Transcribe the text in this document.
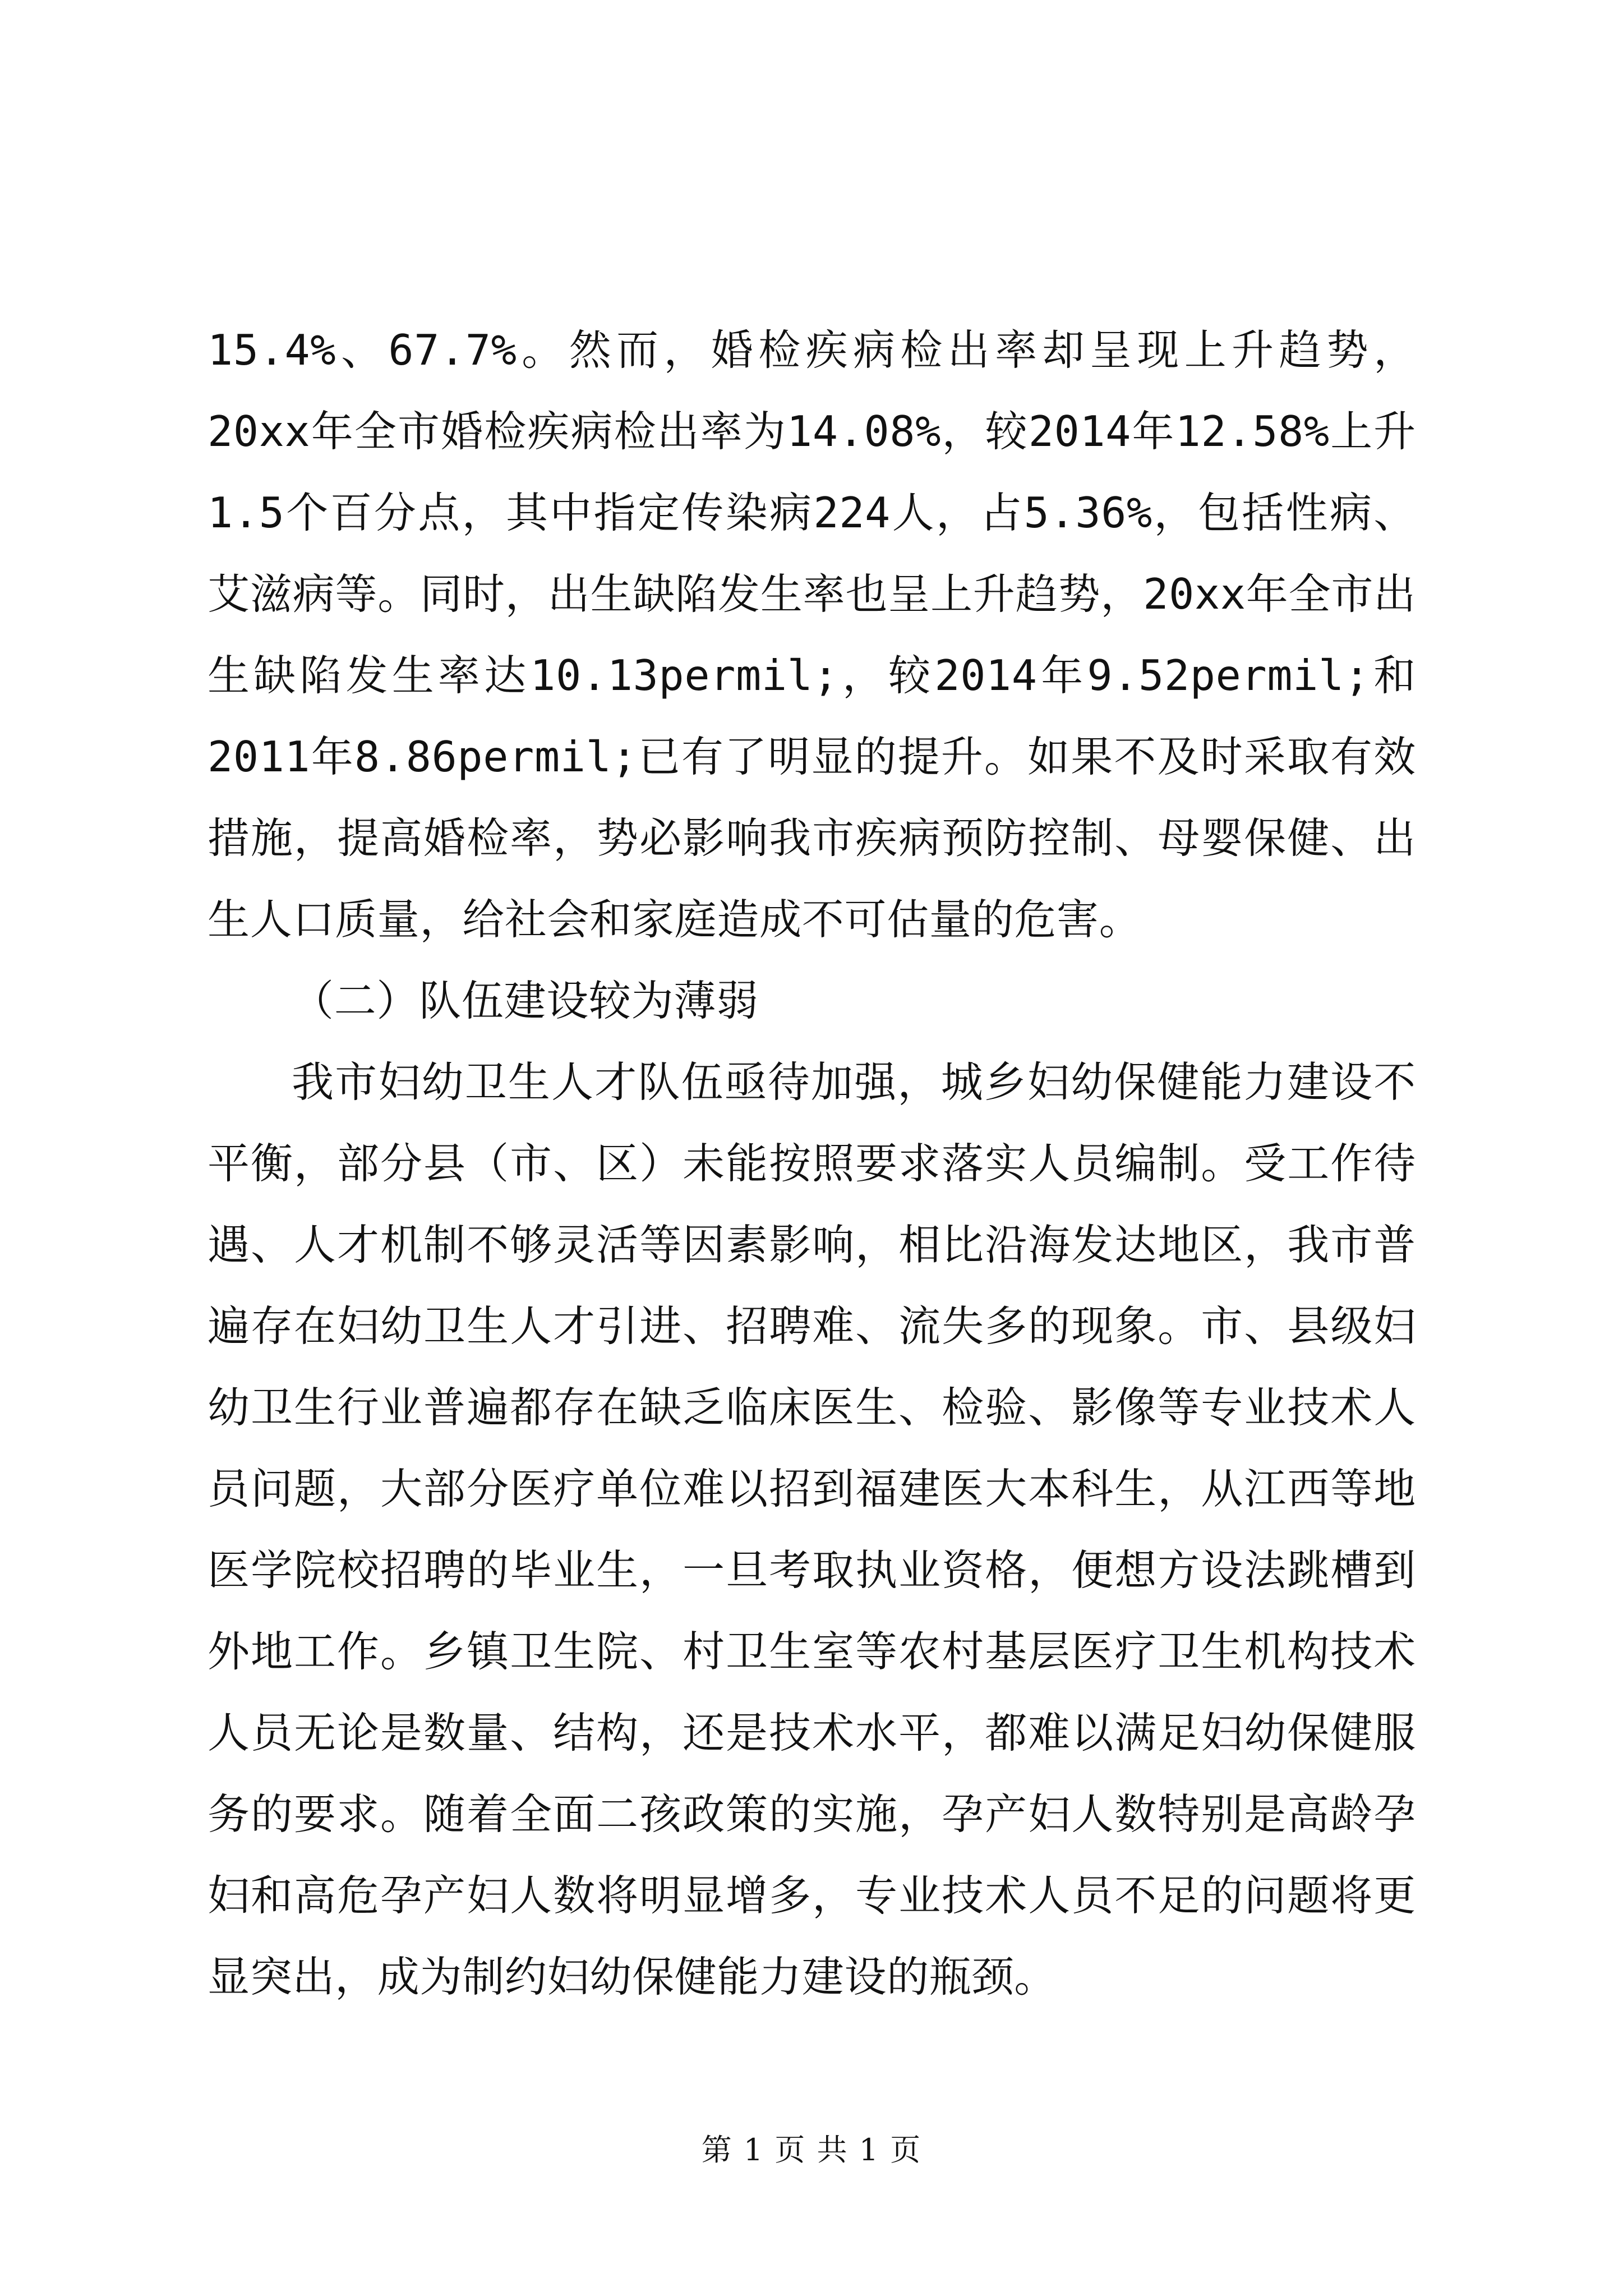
15.4%、67.7%。然而，婚检疾病检出率却呈现上升趋势，20xx年全市婚检疾病检出率为14.08%，较2014年12.58%上升1.5个百分点，其中指定传染病224人，占5.36%，包括性病、艾滋病等。同时，出生缺陷发生率也呈上升趋势，20xx年全市出生缺陷发生率达10.13permil;，较2014年9.52permil;和2011年8.86permil;已有了明显的提升。如果不及时采取有效措施，提高婚检率，势必影响我市疾病预防控制、母婴保健、出生人口质量，给社会和家庭造成不可估量的危害。

（二）队伍建设较为薄弱

我市妇幼卫生人才队伍亟待加强，城乡妇幼保健能力建设不平衡，部分县（市、区）未能按照要求落实人员编制。受工作待遇、人才机制不够灵活等因素影响，相比沿海发达地区，我市普遍存在妇幼卫生人才引进、招聘难、流失多的现象。市、县级妇幼卫生行业普遍都存在缺乏临床医生、检验、影像等专业技术人员问题，大部分医疗单位难以招到福建医大本科生，从江西等地医学院校招聘的毕业生，一旦考取执业资格，便想方设法跳槽到外地工作。乡镇卫生院、村卫生室等农村基层医疗卫生机构技术人员无论是数量、结构，还是技术水平，都难以满足妇幼保健服务的要求。随着全面二孩政策的实施，孕产妇人数特别是高龄孕妇和高危孕产妇人数将明显增多，专业技术人员不足的问题将更显突出，成为制约妇幼保健能力建设的瓶颈。

第 1 页 共 1 页
